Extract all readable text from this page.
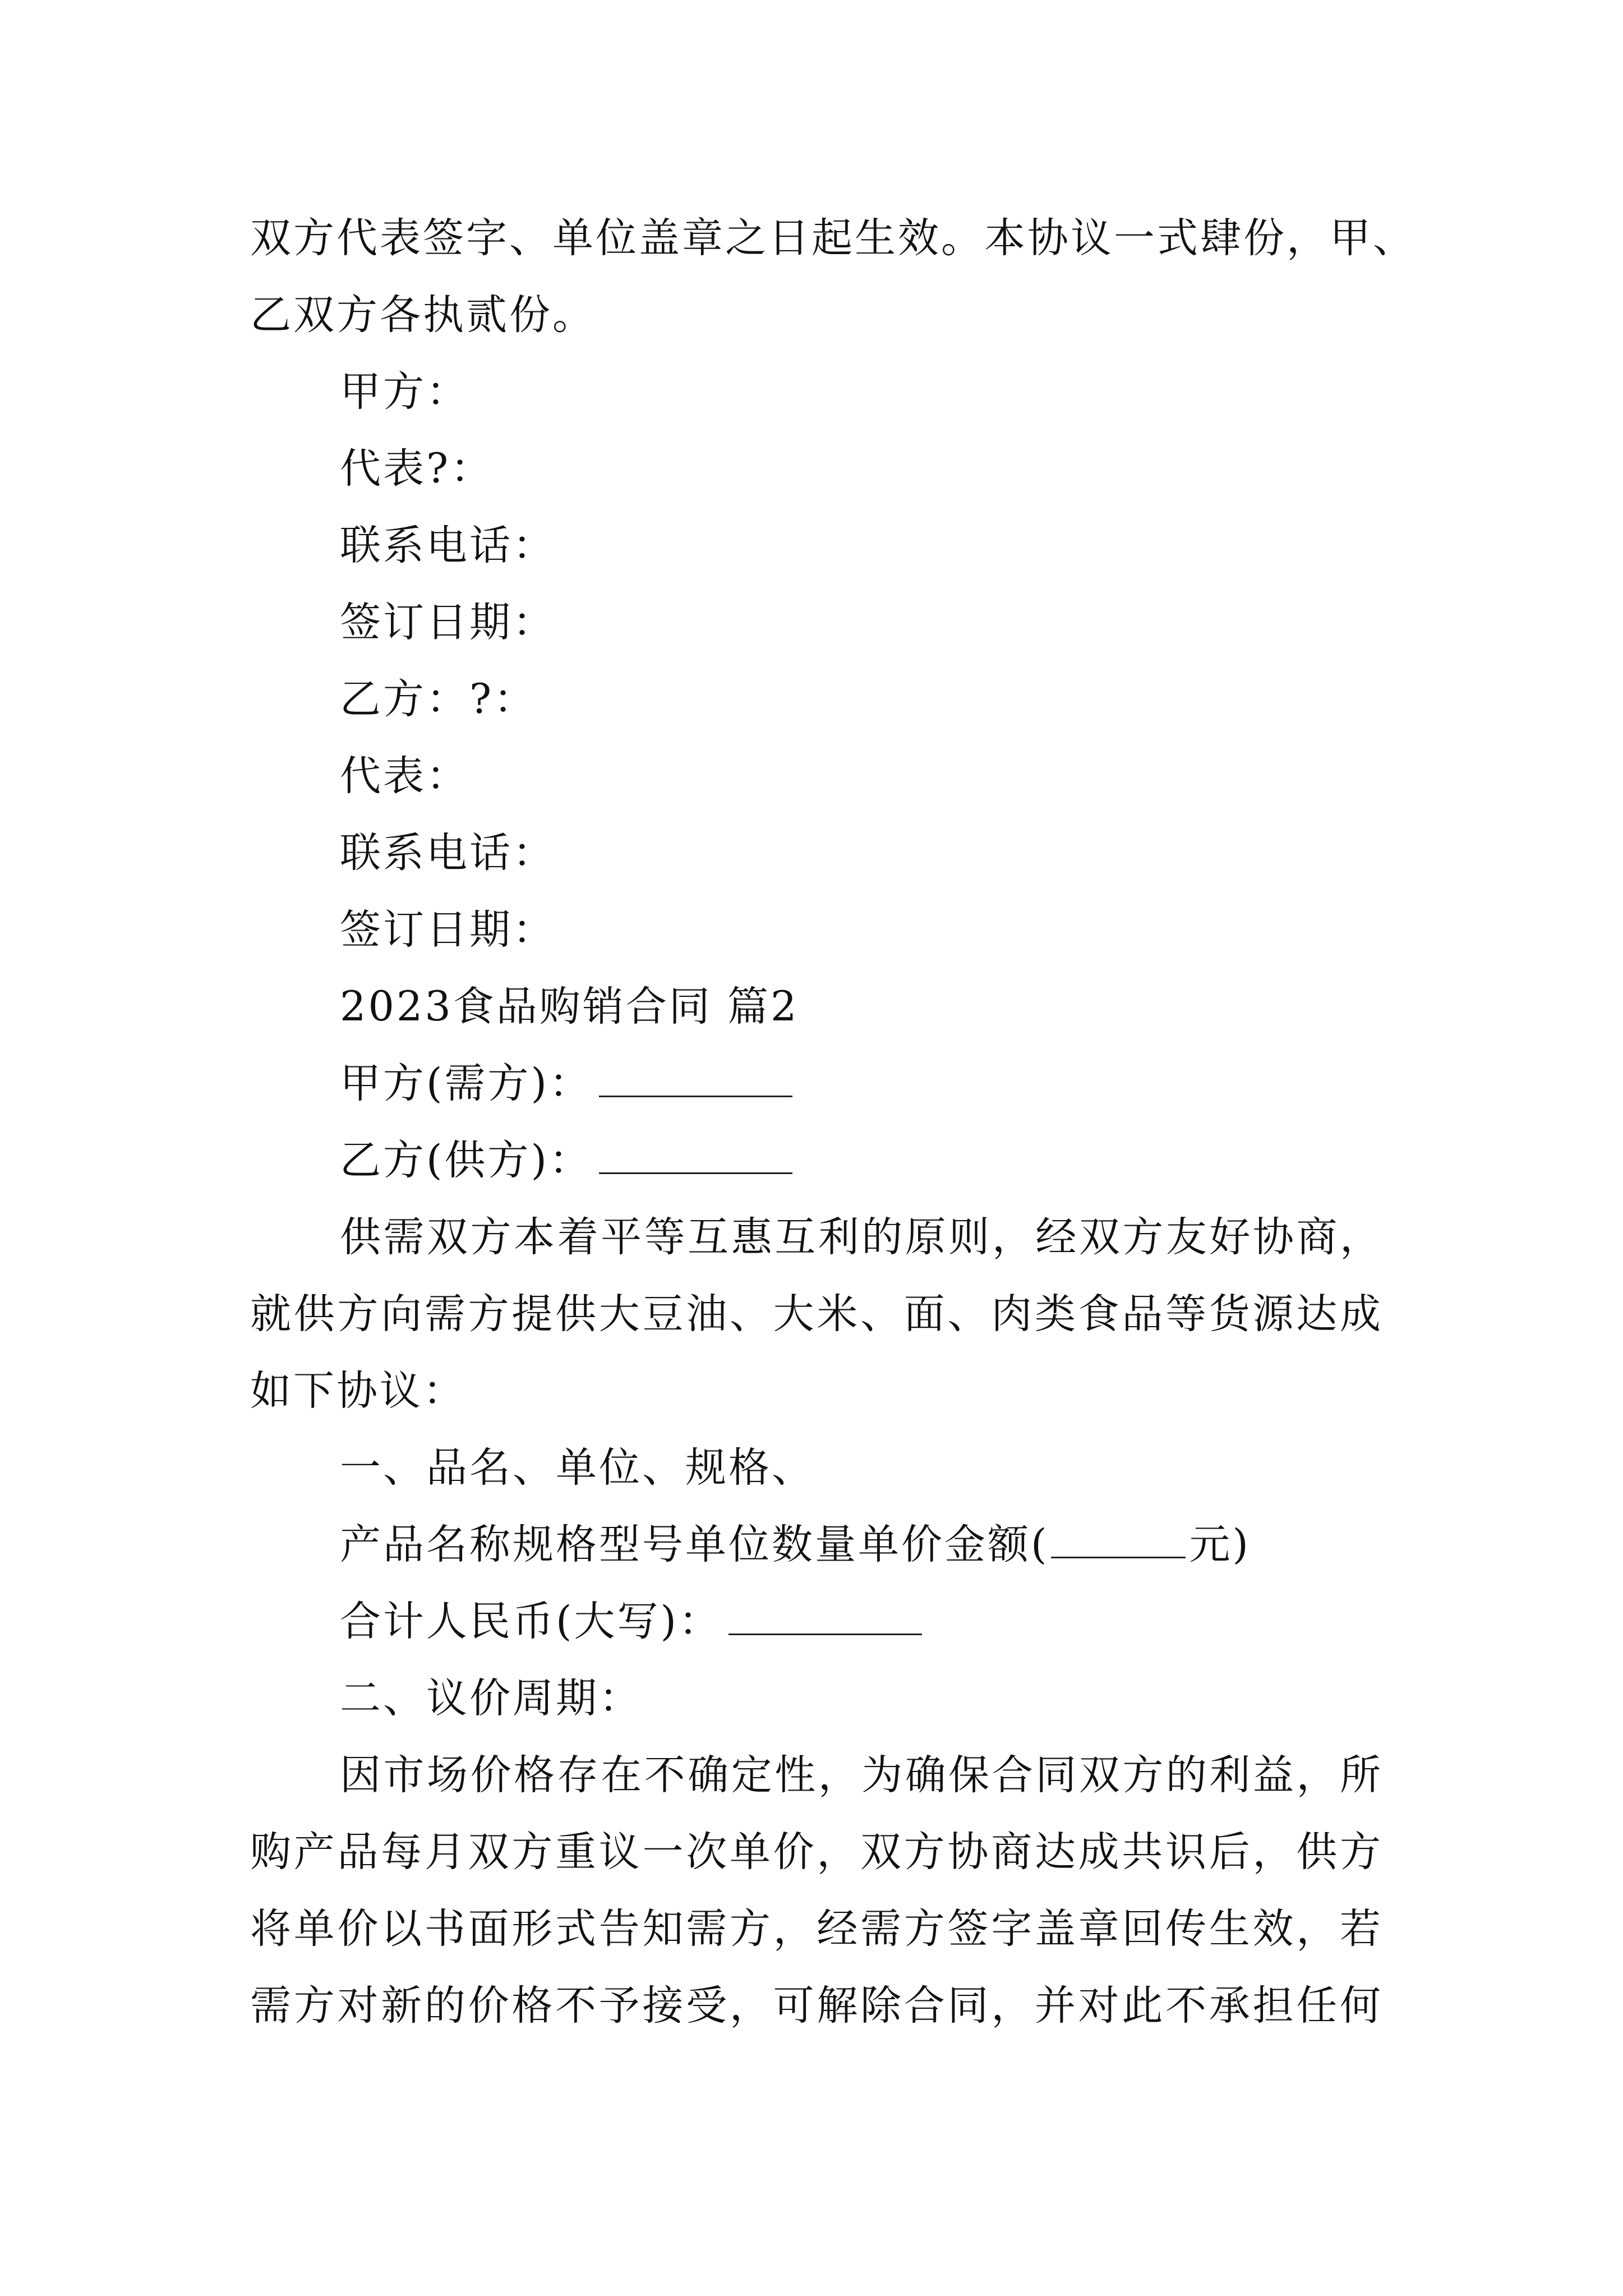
双方代表签字、单位盖章之日起生效。本协议一式肆份，甲、
乙双方各执贰份。
甲方：
代表?：
联系电话：
签订日期：
乙方：?：
代表：
联系电话：
签订日期：
2023食品购销合同 篇2
甲方(需方)：
乙方(供方)：
供需双方本着平等互惠互利的原则，经双方友好协商，
就供方向需方提供大豆油、大米、面、肉类食品等货源达成
如下协议：
一、品名、单位、规格、
产品名称规格型号单位数量单价金额(	元)
合计人民币(大写)：
二、议价周期：
因市场价格存在不确定性，为确保合同双方的利益，所
购产品每月双方重议一次单价，双方协商达成共识后，供方
将单价以书面形式告知需方，经需方签字盖章回传生效，若
需方对新的价格不予接受，可解除合同，并对此不承担任何
